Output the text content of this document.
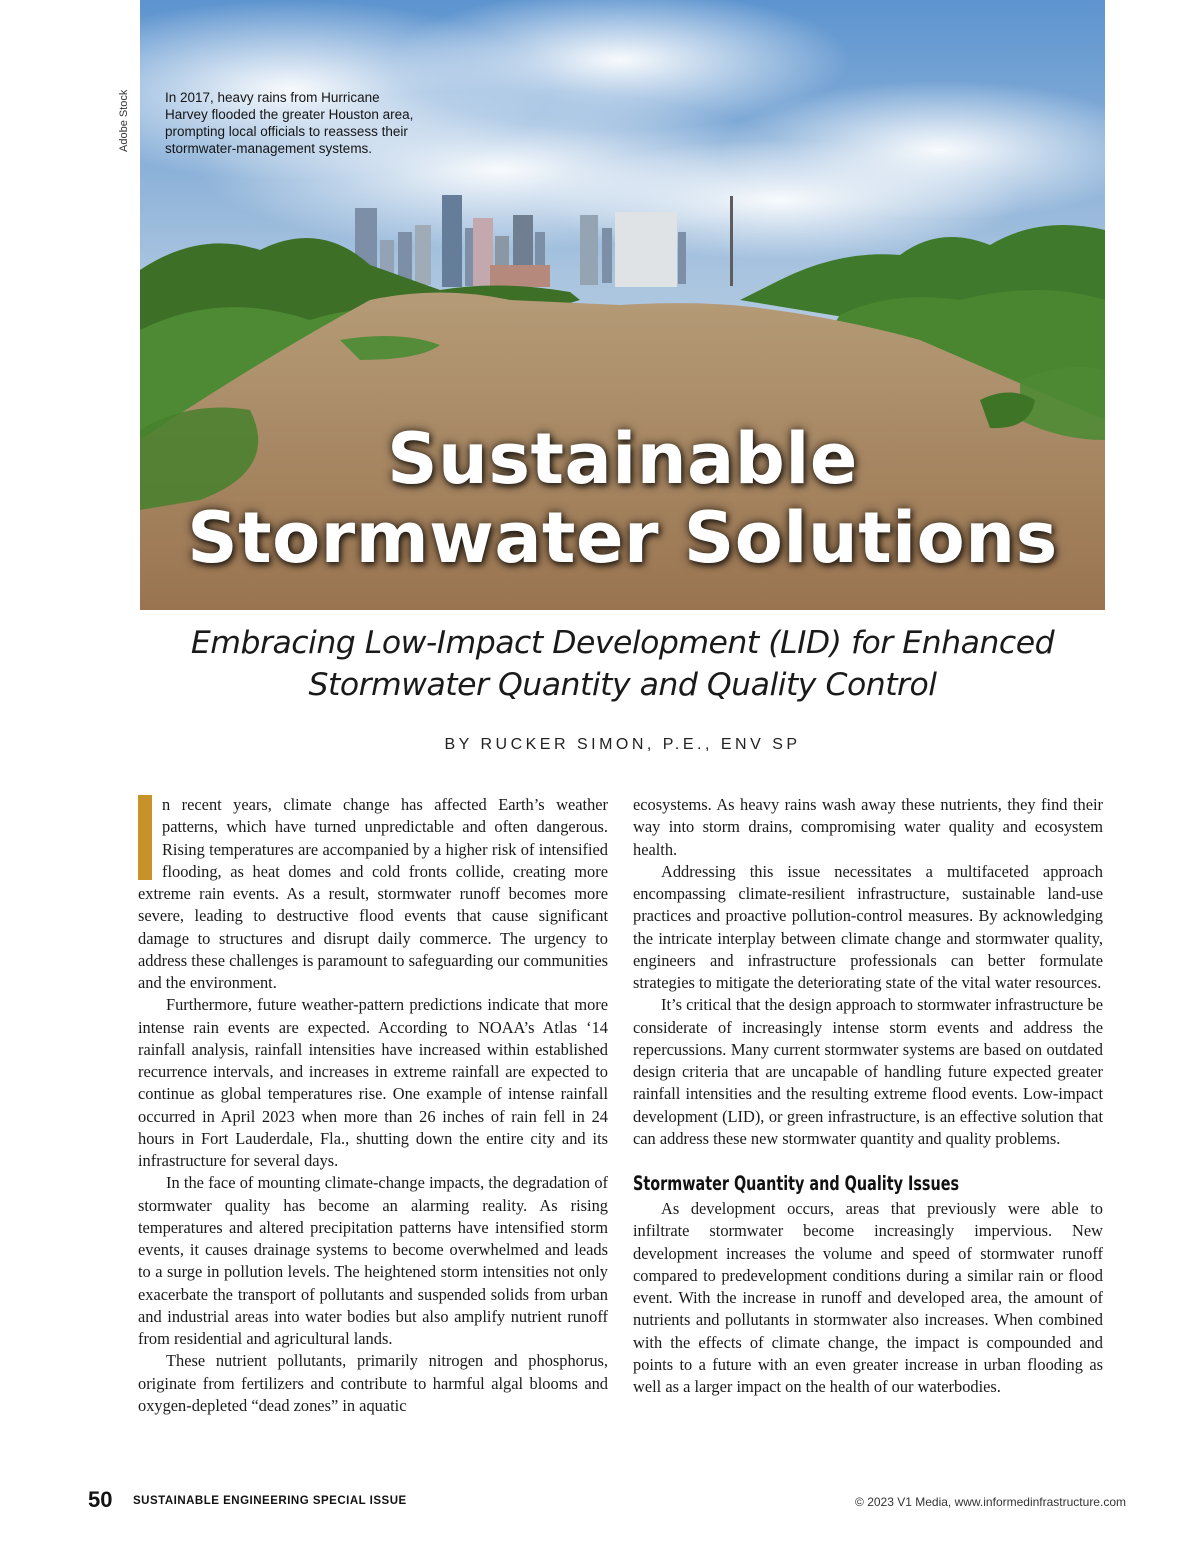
Adobe Stock	In 2017, heavy rains from Hurricane Harvey flooded the greater Houston area, prompting local officials to reassess their stormwater-management systems.
Sustainable
Stormwater Solutions
Embracing Low-Impact Development (LID) for Enhanced
Stormwater Quantity and Quality Control
BY RUCKER SIMON, P.E., ENV SP

n recent years, climate change has affected Earth’s weather patterns, which have turned unpredictable and often dangerous. Rising temperatures are accompanied by a higher risk of intensified flooding, as heat domes and cold fronts collide, creating more extreme rain events. As a result, stormwater runoff becomes more severe, leading to destructive flood events that cause significant damage to structures and disrupt daily commerce. The urgency to address these challenges is paramount to safeguarding our communities and the environment.

Furthermore, future weather-pattern predictions indicate that more intense rain events are expected. According to NOAA’s Atlas ‘14 rainfall analysis, rainfall intensities have increased within established recurrence intervals, and increases in extreme rainfall are expected to continue as global temperatures rise. One example of intense rainfall occurred in April 2023 when more than 26 inches of rain fell in 24 hours in Fort Lauderdale, Fla., shutting down the entire city and its infrastructure for several days.

In the face of mounting climate-change impacts, the degradation of stormwater quality has become an alarming reality. As rising temperatures and altered precipitation patterns have intensified storm events, it causes drainage systems to become overwhelmed and leads to a surge in pollution levels. The heightened storm intensities not only exacerbate the transport of pollutants and suspended solids from urban and industrial areas into water bodies but also amplify nutrient runoff from residential and agricultural lands.

These nutrient pollutants, primarily nitrogen and phosphorus, originate from fertilizers and contribute to harmful algal blooms and oxygen-depleted “dead zones” in aquatic

ecosystems. As heavy rains wash away these nutrients, they find their way into storm drains, compromising water quality and ecosystem health.

Addressing this issue necessitates a multifaceted approach encompassing climate-resilient infrastructure, sustainable land-use practices and proactive pollution-control measures. By acknowledging the intricate interplay between climate change and stormwater quality, engineers and infrastructure professionals can better formulate strategies to mitigate the deteriorating state of the vital water resources.

It’s critical that the design approach to stormwater infrastructure be considerate of increasingly intense storm events and address the repercussions. Many current stormwater systems are based on outdated design criteria that are uncapable of handling future expected greater rainfall intensities and the resulting extreme flood events. Low-impact development (LID), or green infrastructure, is an effective solution that can address these new stormwater quantity and quality problems.

Stormwater Quantity and Quality Issues

As development occurs, areas that previously were able to infiltrate stormwater become increasingly impervious. New development increases the volume and speed of stormwater runoff compared to predevelopment conditions during a similar rain or flood event. With the increase in runoff and developed area, the amount of nutrients and pollutants in stormwater also increases. When combined with the effects of climate change, the impact is compounded and points to a future with an even greater increase in urban flooding as well as a larger impact on the health of our waterbodies.

50 SUSTAINABLE ENGINEERING SPECIAL ISSUE	© 2023 V1 Media, www.informedinfrastructure.com
